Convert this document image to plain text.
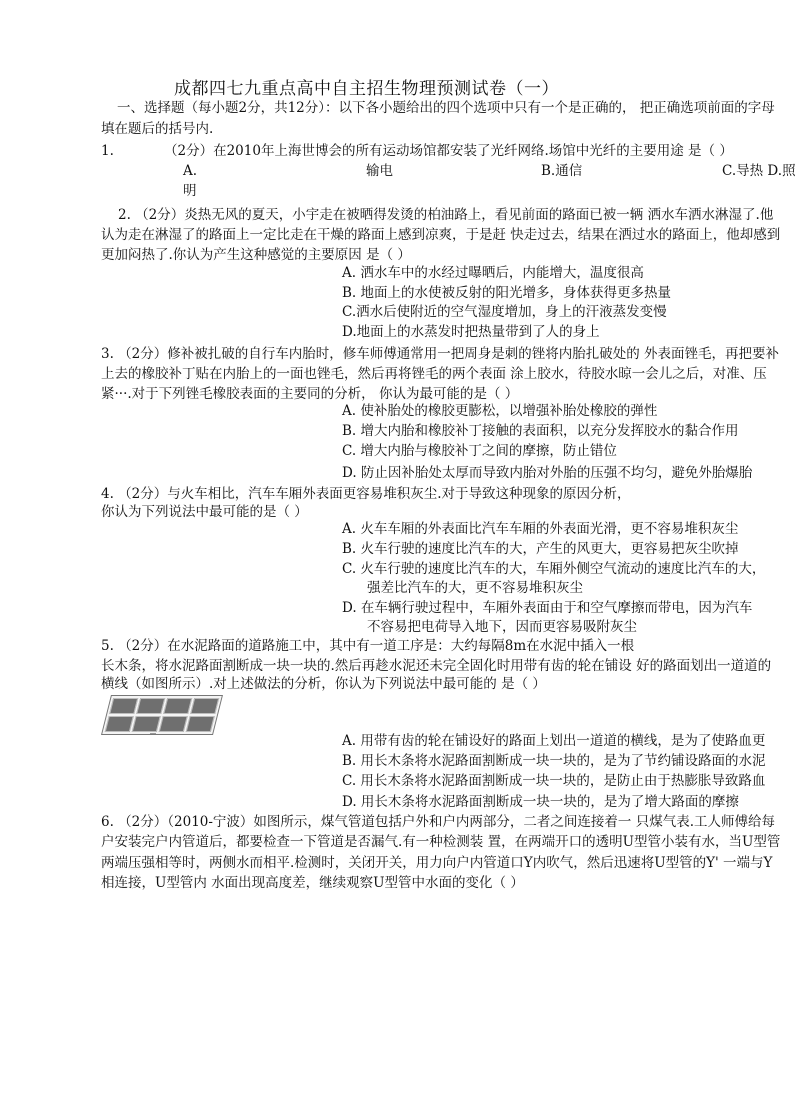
成都四七九重点高中自主招生物理预测试卷（一）
一、选择题（每小题2分，共12分）：以下各小题给出的四个选项中只有一个是正确的， 把正确选项前面的字母
填在题后的括号内.
1.	（2分）在2010年上海世博会的所有运动场馆都安装了光纤网络.场馆中光纤的主要用途 是（ ）
A.	输电	B.通信	C.导热 D.照
明
2. （2分）炎热无风的夏天，小宇走在被晒得发烫的柏油路上，看见前面的路面已被一辆 洒水车洒水淋湿了.他
认为走在淋湿了的路面上一定比走在干燥的路面上感到凉爽，于是赶 快走过去，结果在洒过水的路面上，他却感到
更加闷热了.你认为产生这种感觉的主要原因 是（ ）
A. 洒水车中的水经过曝晒后，内能增大，温度很高
B. 地面上的水使被反射的阳光增多，身体获得更多热量
C.洒水后使附近的空气湿度增加，身上的汗液蒸发变慢
D.地面上的水蒸发时把热量带到了人的身上
3. （2分）修补被扎破的自行车内胎时，修车师傅通常用一把周身是刺的锉将内胎扎破处的 外表面锉毛，再把要补
上去的橡胶补丁贴在内胎上的一面也锉毛，然后再将锉毛的两个表面 涂上胶水，待胶水晾一会儿之后，对准、压
紧···.对于下列锉毛橡胶表面的主要同的分析， 你认为最可能的是（ ）
A. 使补胎处的橡胶更膨松，以增强补胎处橡胶的弹性
B. 增大内胎和橡胶补丁接触的表面积，以充分发挥胶水的黏合作用
C. 增大内胎与橡胶补丁之间的摩擦，防止错位
D. 防止因补胎处太厚而导致内胎对外胎的压强不均匀，避免外胎爆胎
4. （2分）与火车相比，汽车车厢外表面更容易堆积灰尘.对于导致这种现象的原因分析，
你认为下列说法中最可能的是（ ）
A. 火车车厢的外表面比汽车车厢的外表面光滑，更不容易堆积灰尘
B. 火车行驶的速度比汽车的大，产生的风更大，更容易把灰尘吹掉
C. 火车行驶的速度比汽车的大，车厢外侧空气流动的速度比汽车的大，
强差比汽车的大，更不容易堆积灰尘
D. 在车辆行驶过程中，车厢外表面由于和空气摩擦而带电，因为汽车
不容易把电荷导入地下，因而更容易吸附灰尘
5. （2分）在水泥路面的道路施工中，其中有一道工序是：大约每隔8m在水泥中插入一根
长木条，将水泥路面割断成一块一块的.然后再趁水泥还未完全固化时用带有齿的轮在铺设 好的路面划出一道道的
横线（如图所示）.对上述做法的分析，你认为下列说法中最可能的 是（ ）
A. 用带有齿的轮在铺设好的路面上划出一道道的横线，是为了使路血更
B. 用长木条将水泥路面割断成一块一块的，是为了节约铺设路面的水泥
C. 用长木条将水泥路面割断成一块一块的，是防止由于热膨胀导致路血
D. 用长木条将水泥路面割断成一块一块的，是为了增大路面的摩擦
6. （2分）（2010-宁波）如图所示，煤气管道包括户外和户内两部分，二者之间连接着一 只煤气表.工人师傅给每
户安装完户内管道后，都要检查一下管道是否漏气.有一种检测装 置，在两端开口的透明U型管小装有水，当U型管
两端压强相等时，两侧水而相平.检测时，关闭开关，用力向户内管道口Y内吹气，然后迅速将U型管的Y' 一端与Y
相连接，U型管内 水面出现高度差，继续观察U型管中水面的变化（ ）
